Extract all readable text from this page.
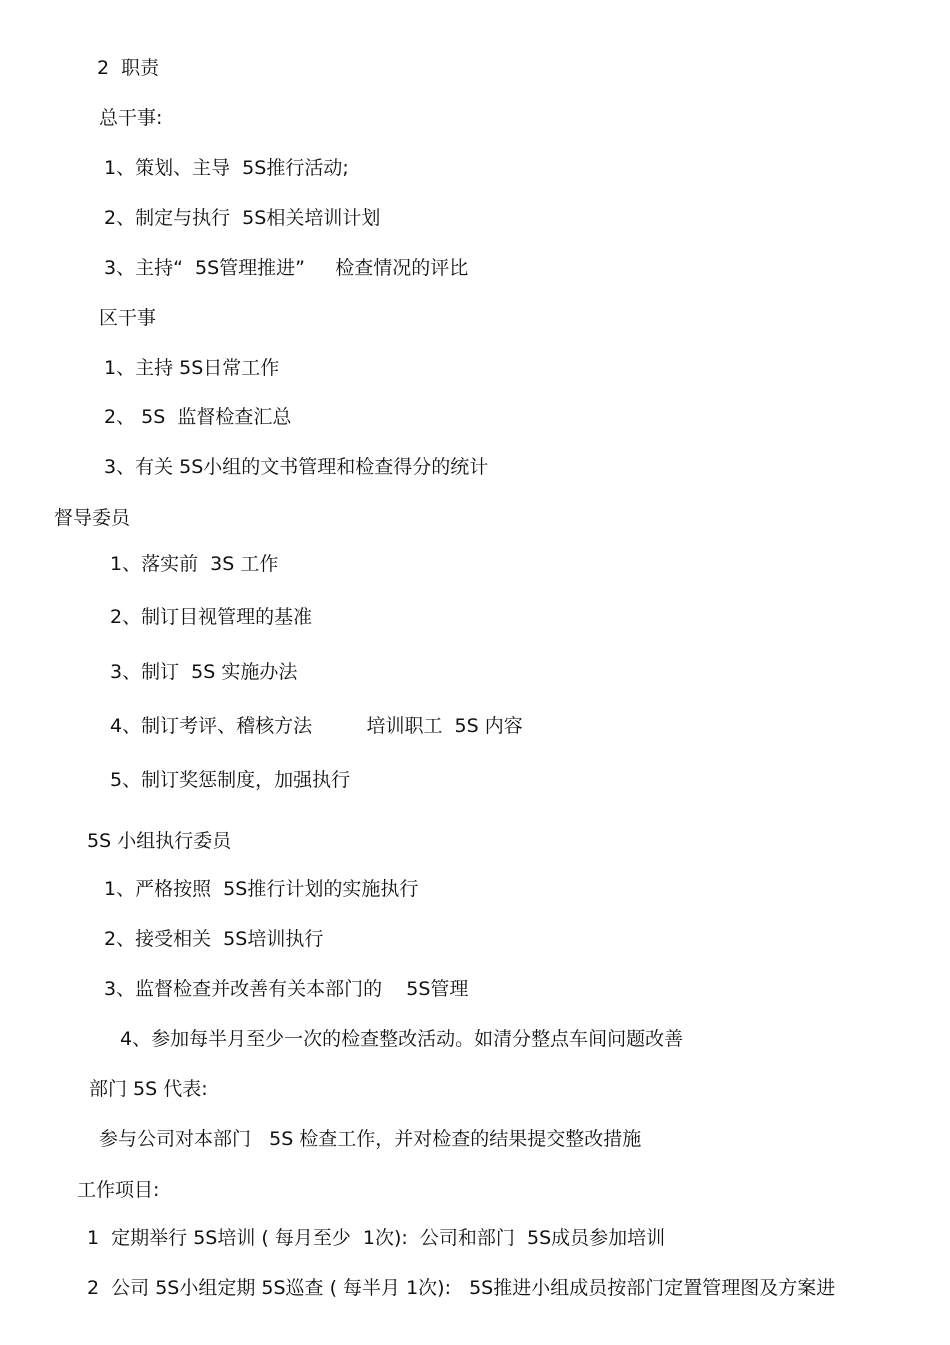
2  职责
总干事:
1、策划、主导  5S推行活动;
2、制定与执行  5S相关培训计划
3、主持“  5S管理推进”     检查情况的评比
区干事
1、主持 5S日常工作
2、 5S  监督检查汇总
3、有关 5S小组的文书管理和检查得分的统计
督导委员
1、落实前  3S 工作
2、制订目视管理的基准
3、制订  5S 实施办法
4、制订考评、稽核方法         培训职工  5S 内容
5、制订奖惩制度，加强执行
5S 小组执行委员
1、严格按照  5S推行计划的实施执行
2、接受相关  5S培训执行
3、监督检查并改善有关本部门的    5S管理
4、参加每半月至少一次的检查整改活动。如清分整点车间问题改善
部门 5S 代表:
参与公司对本部门   5S 检查工作，并对检查的结果提交整改措施
工作项目:
1  定期举行 5S培训 ( 每月至少  1次):  公司和部门  5S成员参加培训
2  公司 5S小组定期 5S巡查 ( 每半月 1次):   5S推进小组成员按部门定置管理图及方案进
